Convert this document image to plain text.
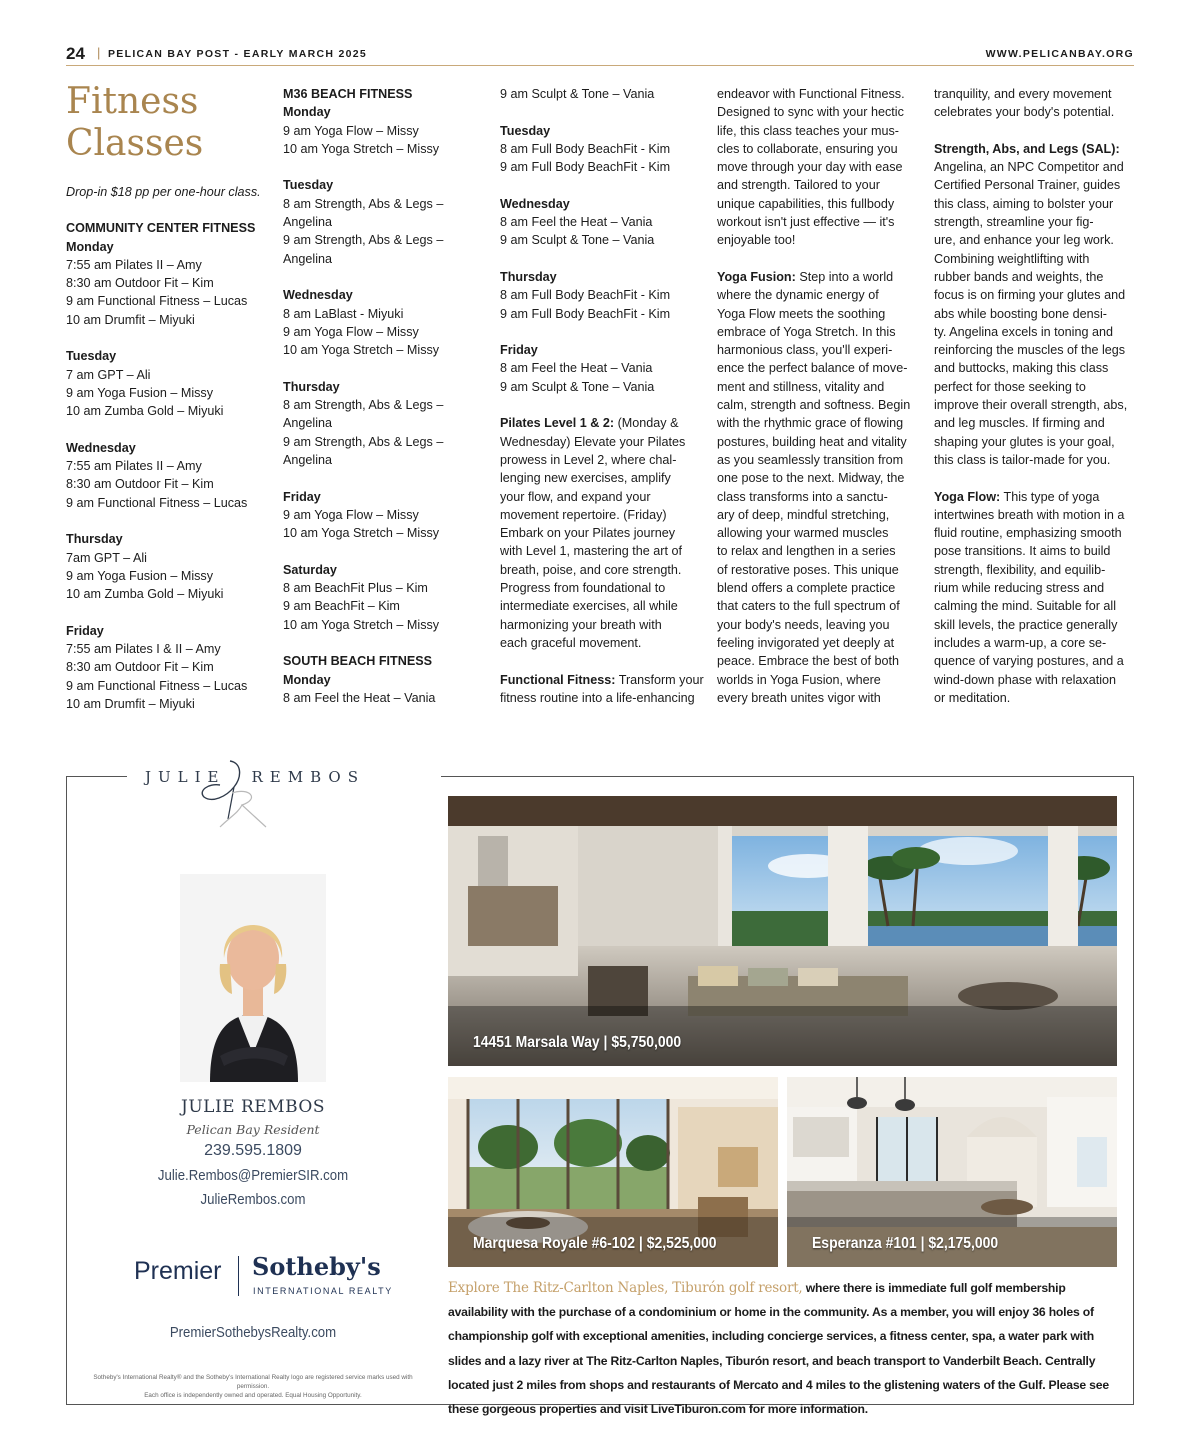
24 | PELICAN BAY POST - EARLY MARCH 2025	WWW.PELICANBAY.ORG
Fitness
Classes
Drop-in $18 pp per one-hour class.
COMMUNITY CENTER FITNESS
Monday
7:55 am Pilates II – Amy
8:30 am Outdoor Fit – Kim
9 am Functional Fitness – Lucas
10 am Drumfit – Miyuki
Tuesday
7 am GPT – Ali
9 am Yoga Fusion – Missy
10 am Zumba Gold – Miyuki
Wednesday
7:55 am Pilates II – Amy
8:30 am Outdoor Fit – Kim
9 am Functional Fitness – Lucas
Thursday
7am GPT – Ali
9 am Yoga Fusion – Missy
10 am Zumba Gold – Miyuki
Friday
7:55 am Pilates I & II – Amy
8:30 am Outdoor Fit – Kim
9 am Functional Fitness – Lucas
10 am Drumfit – Miyuki
M36 BEACH FITNESS
Monday
9 am Yoga Flow – Missy
10 am Yoga Stretch – Missy
Tuesday
8 am Strength, Abs & Legs –
Angelina
9 am Strength, Abs & Legs –
Angelina
Wednesday
8 am LaBlast - Miyuki
9 am Yoga Flow – Missy
10 am Yoga Stretch – Missy
Thursday
8 am Strength, Abs & Legs –
Angelina
9 am Strength, Abs & Legs –
Angelina
Friday
9 am Yoga Flow – Missy
10 am Yoga Stretch – Missy
Saturday
8 am BeachFit Plus – Kim
9 am BeachFit – Kim
10 am Yoga Stretch – Missy
SOUTH BEACH FITNESS
Monday
8 am Feel the Heat – Vania
9 am Sculpt & Tone – Vania
Tuesday
8 am Full Body BeachFit - Kim
9 am Full Body BeachFit - Kim
Wednesday
8 am Feel the Heat – Vania
9 am Sculpt & Tone – Vania
Thursday
8 am Full Body BeachFit - Kim
9 am Full Body BeachFit - Kim
Friday
8 am Feel the Heat – Vania
9 am Sculpt & Tone – Vania
Pilates Level 1 & 2: (Monday &
Wednesday) Elevate your Pilates
prowess in Level 2, where chal-
lenging new exercises, amplify
your flow, and expand your
movement repertoire. (Friday)
Embark on your Pilates journey
with Level 1, mastering the art of
breath, poise, and core strength.
Progress from foundational to
intermediate exercises, all while
harmonizing your breath with
each graceful movement.
Functional Fitness: Transform your
fitness routine into a life-enhancing
endeavor with Functional Fitness.
Designed to sync with your hectic
life, this class teaches your mus-
cles to collaborate, ensuring you
move through your day with ease
and strength. Tailored to your
unique capabilities, this fullbody
workout isn't just effective — it's
enjoyable too!
Yoga Fusion: Step into a world
where the dynamic energy of
Yoga Flow meets the soothing
embrace of Yoga Stretch. In this
harmonious class, you'll experi-
ence the perfect balance of move-
ment and stillness, vitality and
calm, strength and softness. Begin
with the rhythmic grace of flowing
postures, building heat and vitality
as you seamlessly transition from
one pose to the next. Midway, the
class transforms into a sanctu-
ary of deep, mindful stretching,
allowing your warmed muscles
to relax and lengthen in a series
of restorative poses. This unique
blend offers a complete practice
that caters to the full spectrum of
your body's needs, leaving you
feeling invigorated yet deeply at
peace. Embrace the best of both
worlds in Yoga Fusion, where
every breath unites vigor with
tranquility, and every movement
celebrates your body's potential.
Strength, Abs, and Legs (SAL):
Angelina, an NPC Competitor and
Certified Personal Trainer, guides
this class, aiming to bolster your
strength, streamline your fig-
ure, and enhance your leg work.
Combining weightlifting with
rubber bands and weights, the
focus is on firming your glutes and
abs while boosting bone densi-
ty. Angelina excels in toning and
reinforcing the muscles of the legs
and buttocks, making this class
perfect for those seeking to
improve their overall strength, abs,
and leg muscles. If firming and
shaping your glutes is your goal,
this class is tailor-made for you.
Yoga Flow: This type of yoga
intertwines breath with motion in a
fluid routine, emphasizing smooth
pose transitions. It aims to build
strength, flexibility, and equilib-
rium while reducing stress and
calming the mind. Suitable for all
skill levels, the practice generally
includes a warm-up, a core se-
quence of varying postures, and a
wind-down phase with relaxation
or meditation.
JULIE REMBOS
JULIE REMBOS
Pelican Bay Resident
239.595.1809
Julie.Rembos@PremierSIR.com
JulieRembos.com
Premier Sotheby's
INTERNATIONAL REALTY
PremierSothebysRealty.com
Sotheby's International Realty® and the Sotheby's International Realty logo are registered service marks used with permission.
Each office is independently owned and operated. Equal Housing Opportunity.
14451 Marsala Way | $5,750,000
Marquesa Royale #6-102 | $2,525,000	Esperanza #101 | $2,175,000
Explore The Ritz-Carlton Naples, Tiburón golf resort, where there is immediate full golf membership availability with the purchase of a condominium or home in the community. As a member, you will enjoy 36 holes of championship golf with exceptional amenities, including concierge services, a fitness center, spa, a water park with slides and a lazy river at The Ritz-Carlton Naples, Tiburón resort, and beach transport to Vanderbilt Beach. Centrally located just 2 miles from shops and restaurants of Mercato and 4 miles to the glistening waters of the Gulf. Please see these gorgeous properties and visit LiveTiburon.com for more information.
